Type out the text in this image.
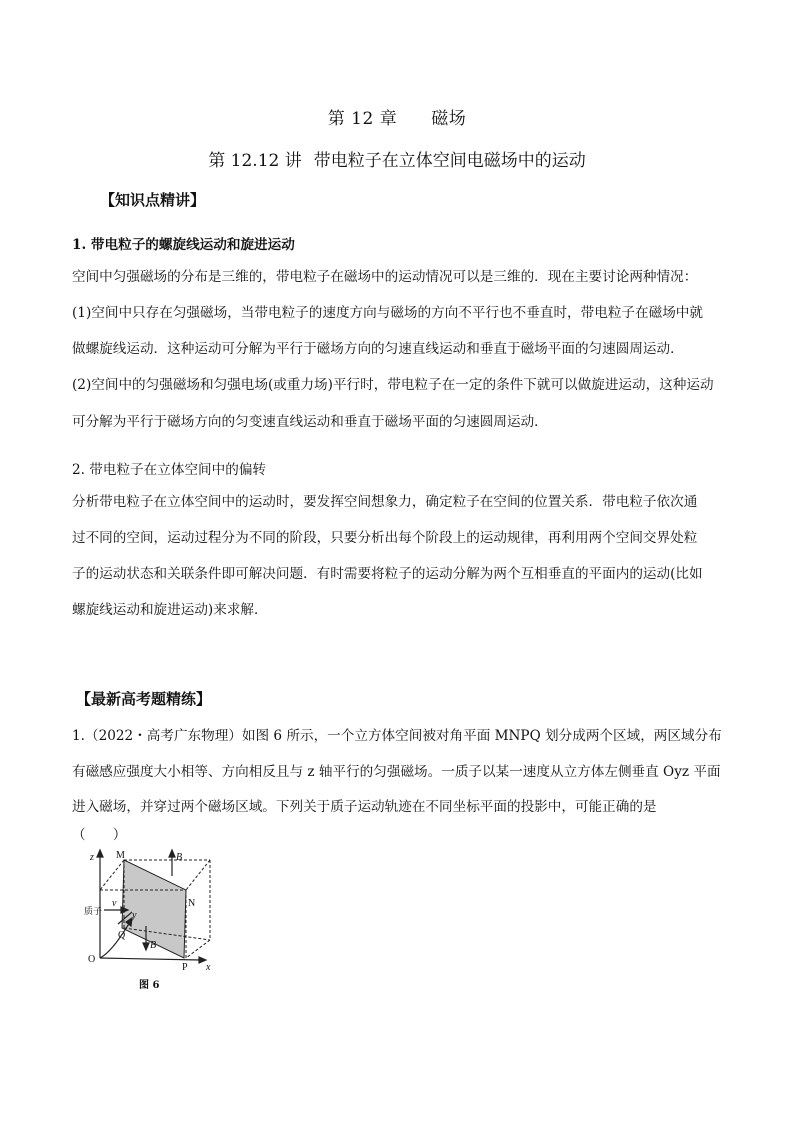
第 12 章 磁场
第 12.12 讲 带电粒子在立体空间电磁场中的运动
【知识点精讲】
1. 带电粒子的螺旋线运动和旋进运动
空间中匀强磁场的分布是三维的，带电粒子在磁场中的运动情况可以是三维的．现在主要讨论两种情况：
(1)空间中只存在匀强磁场，当带电粒子的速度方向与磁场的方向不平行也不垂直时，带电粒子在磁场中就
做螺旋线运动．这种运动可分解为平行于磁场方向的匀速直线运动和垂直于磁场平面的匀速圆周运动．
(2)空间中的匀强磁场和匀强电场(或重力场)平行时，带电粒子在一定的条件下就可以做旋进运动，这种运动
可分解为平行于磁场方向的匀变速直线运动和垂直于磁场平面的匀速圆周运动．
2. 带电粒子在立体空间中的偏转
分析带电粒子在立体空间中的运动时，要发挥空间想象力，确定粒子在空间的位置关系．带电粒子依次通
过不同的空间，运动过程分为不同的阶段，只要分析出每个阶段上的运动规律，再利用两个空间交界处粒
子的运动状态和关联条件即可解决问题．有时需要将粒子的运动分解为两个互相垂直的平面内的运动(比如
螺旋线运动和旋进运动)来求解．
【最新高考题精练】
1.（2022・高考广东物理）如图 6 所示，一个立方体空间被对角平面 MNPQ 划分成两个区域，两区域分布
有磁感应强度大小相等、方向相反且与 z 轴平行的匀强磁场。一质子以某一速度从立方体左侧垂直 Oyz 平面
进入磁场，并穿过两个磁场区域。下列关于质子运动轨迹在不同坐标平面的投影中，可能正确的是
（　　）
z M	B
N
质子
v
y
Q
B
O
P x
图 6
